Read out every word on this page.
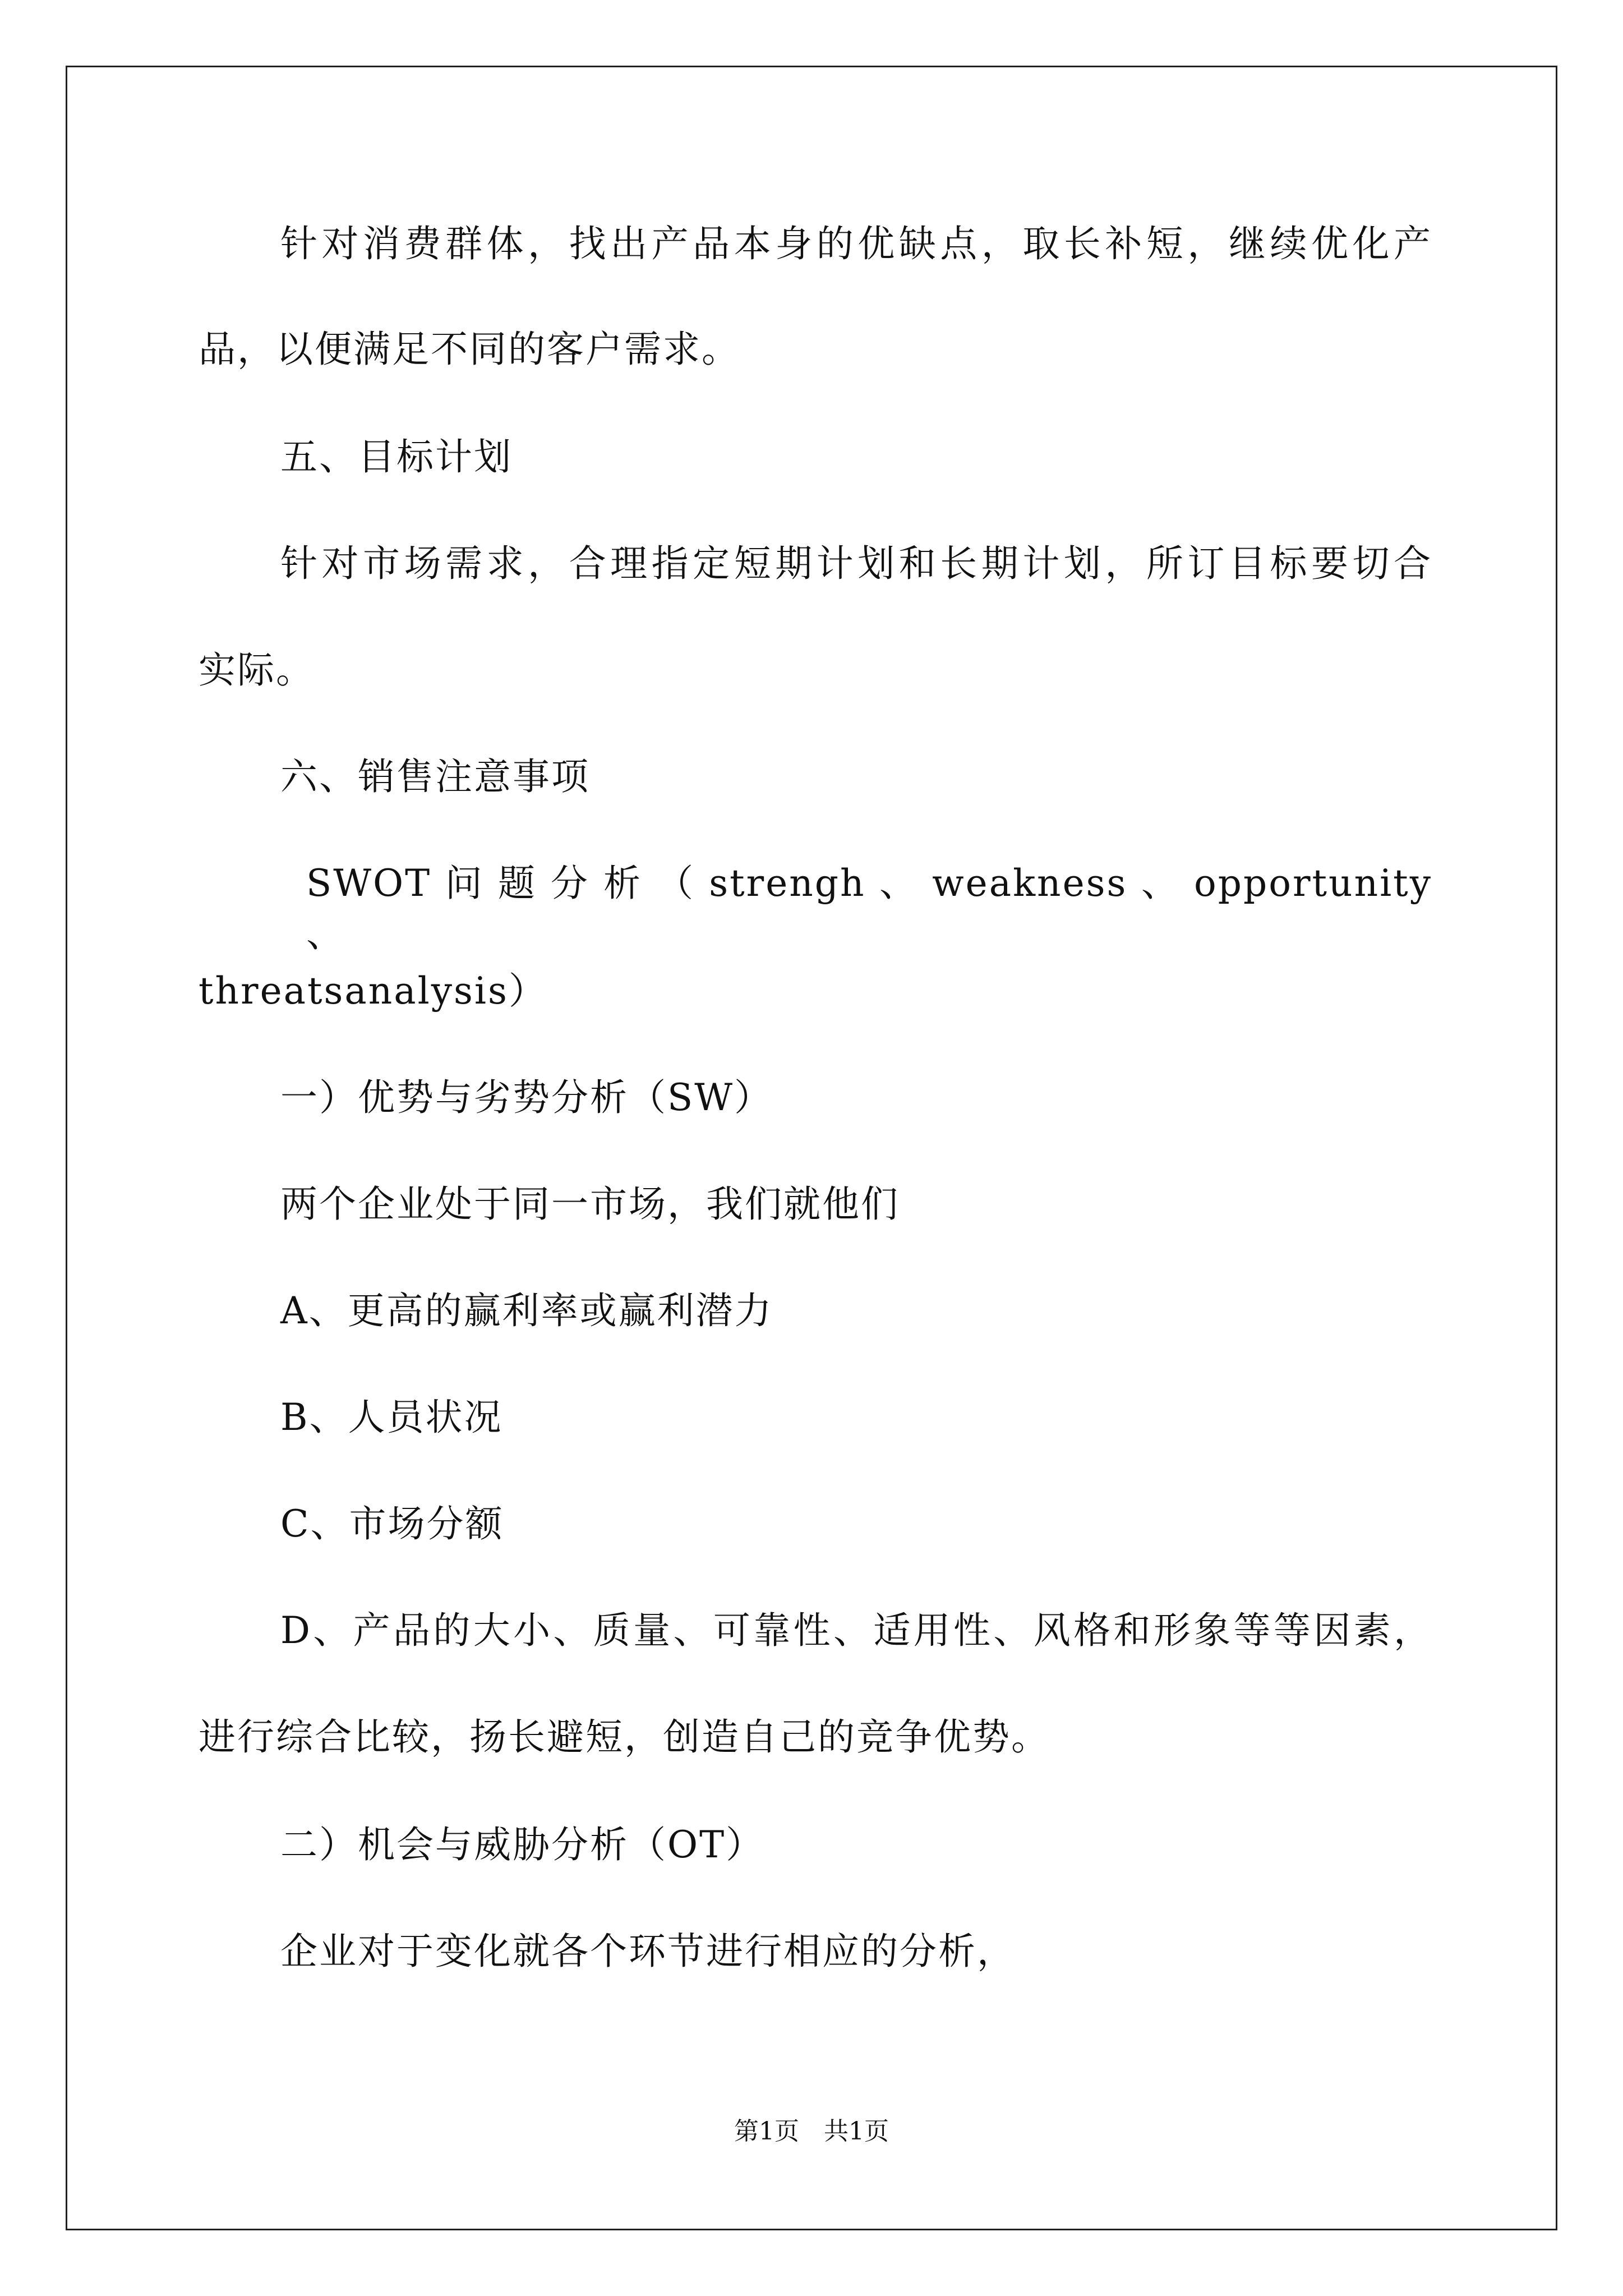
针对消费群体，找出产品本身的优缺点，取长补短，继续优化产
品，以便满足不同的客户需求。
五、目标计划
针对市场需求，合理指定短期计划和长期计划，所订目标要切合
实际。
六、销售注意事项
SWOT 问 题 分 析 （ strengh 、 weakness 、 opportunity 、
threatsanalysis）
一）优势与劣势分析（SW）
两个企业处于同一市场，我们就他们
A、更高的赢利率或赢利潜力
B、人员状况
C、市场分额
D、产品的大小、质量、可靠性、适用性、风格和形象等等因素，
进行综合比较，扬长避短，创造自己的竞争优势。
二）机会与威胁分析（OT）
企业对于变化就各个环节进行相应的分析，
第1页　共1页
